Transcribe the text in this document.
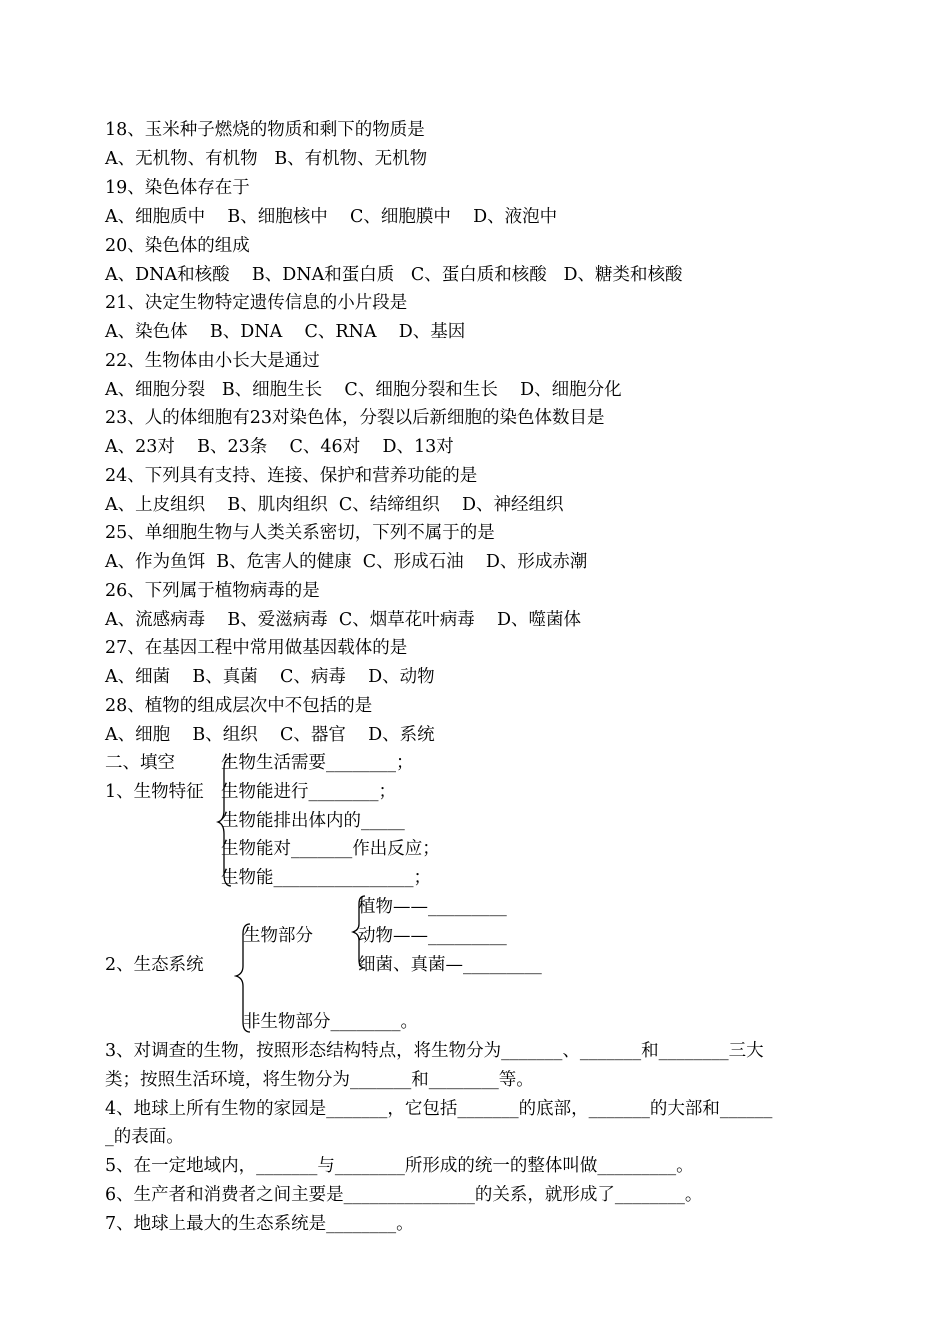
18、玉米种子燃烧的物质和剩下的物质是
A、无机物、有机物   B、有机物、无机物
19、染色体存在于
A、细胞质中    B、细胞核中    C、细胞膜中    D、液泡中
20、染色体的组成
A、DNA和核酸    B、DNA和蛋白质   C、蛋白质和核酸   D、糖类和核酸
21、决定生物特定遗传信息的小片段是
A、染色体    B、DNA    C、RNA    D、基因
22、生物体由小长大是通过
A、细胞分裂   B、细胞生长    C、细胞分裂和生长    D、细胞分化
23、人的体细胞有23对染色体，分裂以后新细胞的染色体数目是
A、23对    B、23条    C、46对    D、13对
24、下列具有支持、连接、保护和营养功能的是
A、上皮组织    B、肌肉组织  C、结缔组织    D、神经组织
25、单细胞生物与人类关系密切，下列不属于的是
A、作为鱼饵  B、危害人的健康  C、形成石油    D、形成赤潮
26、下列属于植物病毒的是
A、流感病毒    B、爱滋病毒  C、烟草花叶病毒    D、噬菌体
27、在基因工程中常用做基因载体的是
A、细菌    B、真菌    C、病毒    D、动物
28、植物的组成层次中不包括的是
A、细胞    B、组织    C、器官    D、系统
二、填空
1、生物特征
生物生活需要________；
生物能进行________；
生物能排出体内的_____
生物能对_______作出反应；
生物能________________；
2、生态系统
生物部分
植物——_________
动物——_________
细菌、真菌—_________
非生物部分________。
3、对调查的生物，按照形态结构特点，将生物分为_______、_______和________三大
类；按照生活环境，将生物分为_______和________等。
4、地球上所有生物的家园是_______，它包括_______的底部，_______的大部和______
_的表面。
5、在一定地域内，_______与________所形成的统一的整体叫做_________。
6、生产者和消费者之间主要是_______________的关系，就形成了________。
7、地球上最大的生态系统是________。
